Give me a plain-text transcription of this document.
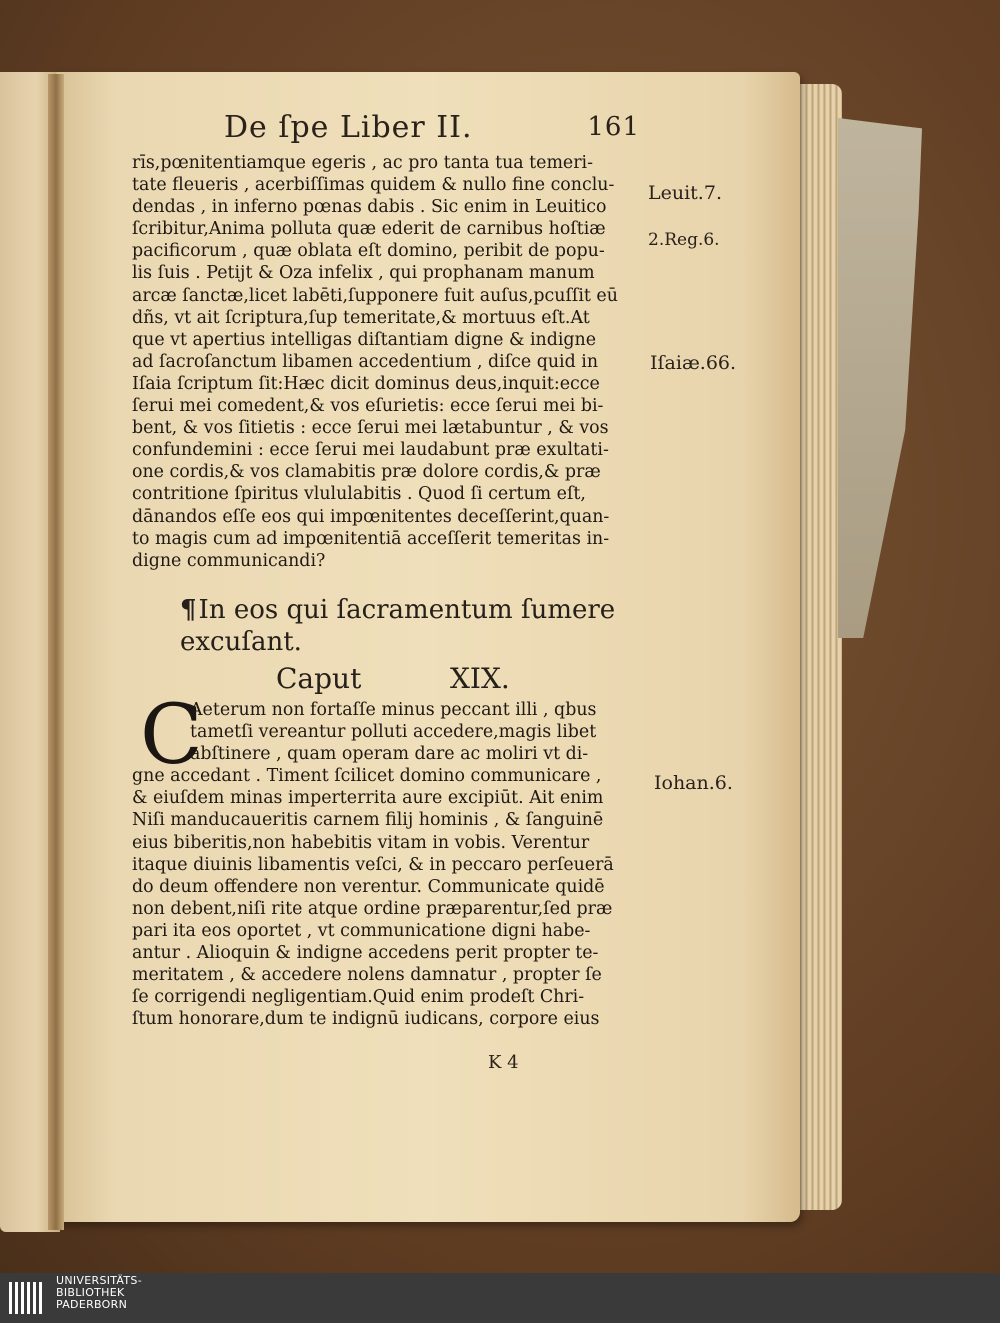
De ſpe Liber II.	161
rīs,pœnitentiamque egeris , ac pro tanta tua temeri-
tate fleueris , acerbiſſimas quidem & nullo fine conclu-
dendas , in inferno pœnas dabis . Sic enim in Leuitico
ſcribitur,Anima polluta quæ ederit de carnibus hoſtiæ
pacificorum , quæ oblata eſt domino, peribit de popu-
lis ſuis . Petijt & Oza infelix , qui prophanam manum
arcæ ſanctæ,licet labēti,ſupponere fuit auſus,pcuſſit eū
dñs, vt ait ſcriptura,ſup temeritate,& mortuus eſt.At
que vt apertius intelligas diſtantiam digne & indigne
ad ſacroſanctum libamen accedentium , diſce quid in
Iſaia ſcriptum ſit:Hæc dicit dominus deus,inquit:ecce
ſerui mei comedent,& vos eſurietis: ecce ſerui mei bi-
bent, & vos ſitietis : ecce ſerui mei lætabuntur , & vos
confundemini : ecce ſerui mei laudabunt præ exultati-
one cordis,& vos clamabitis præ dolore cordis,& præ
contritione ſpiritus vlululabitis . Quod ſi certum eſt,
dānandos eſſe eos qui impœnitentes deceſſerint,quan-
to magis cum ad impœnitentiā acceſſerit temeritas in-
digne communicandi?
¶In eos qui ſacramentum ſumere
excuſant.
Caput	XIX.
C
Aeterum non fortaſſe minus peccant illi , qbus
tametſi vereantur polluti accedere,magis libet
abſtinere , quam operam dare ac moliri vt di-
gne accedant . Timent ſcilicet domino communicare ,
& eiuſdem minas imperterrita aure excipiūt. Ait enim
Niſi manducaueritis carnem filij hominis , & ſanguinē
eius biberitis,non habebitis vitam in vobis. Verentur
itaque diuinis libamentis veſci, & in peccaro perſeuerā
do deum offendere non verentur. Communicate quidē
non debent,niſi rite atque ordine præparentur,ſed præ
pari ita eos oportet , vt communicatione digni habe-
antur . Alioquin & indigne accedens perit propter te-
meritatem , & accedere nolens damnatur , propter ſe
ſe corrigendi negligentiam.Quid enim prodeſt Chri-
ſtum honorare,dum te indignū iudicans, corpore eius
Leuit.7.
2.Reg.6.
Iſaiæ.66.
Iohan.6.
K 4
UNIVERSITÄTS-
BIBLIOTHEK
PADERBORN
